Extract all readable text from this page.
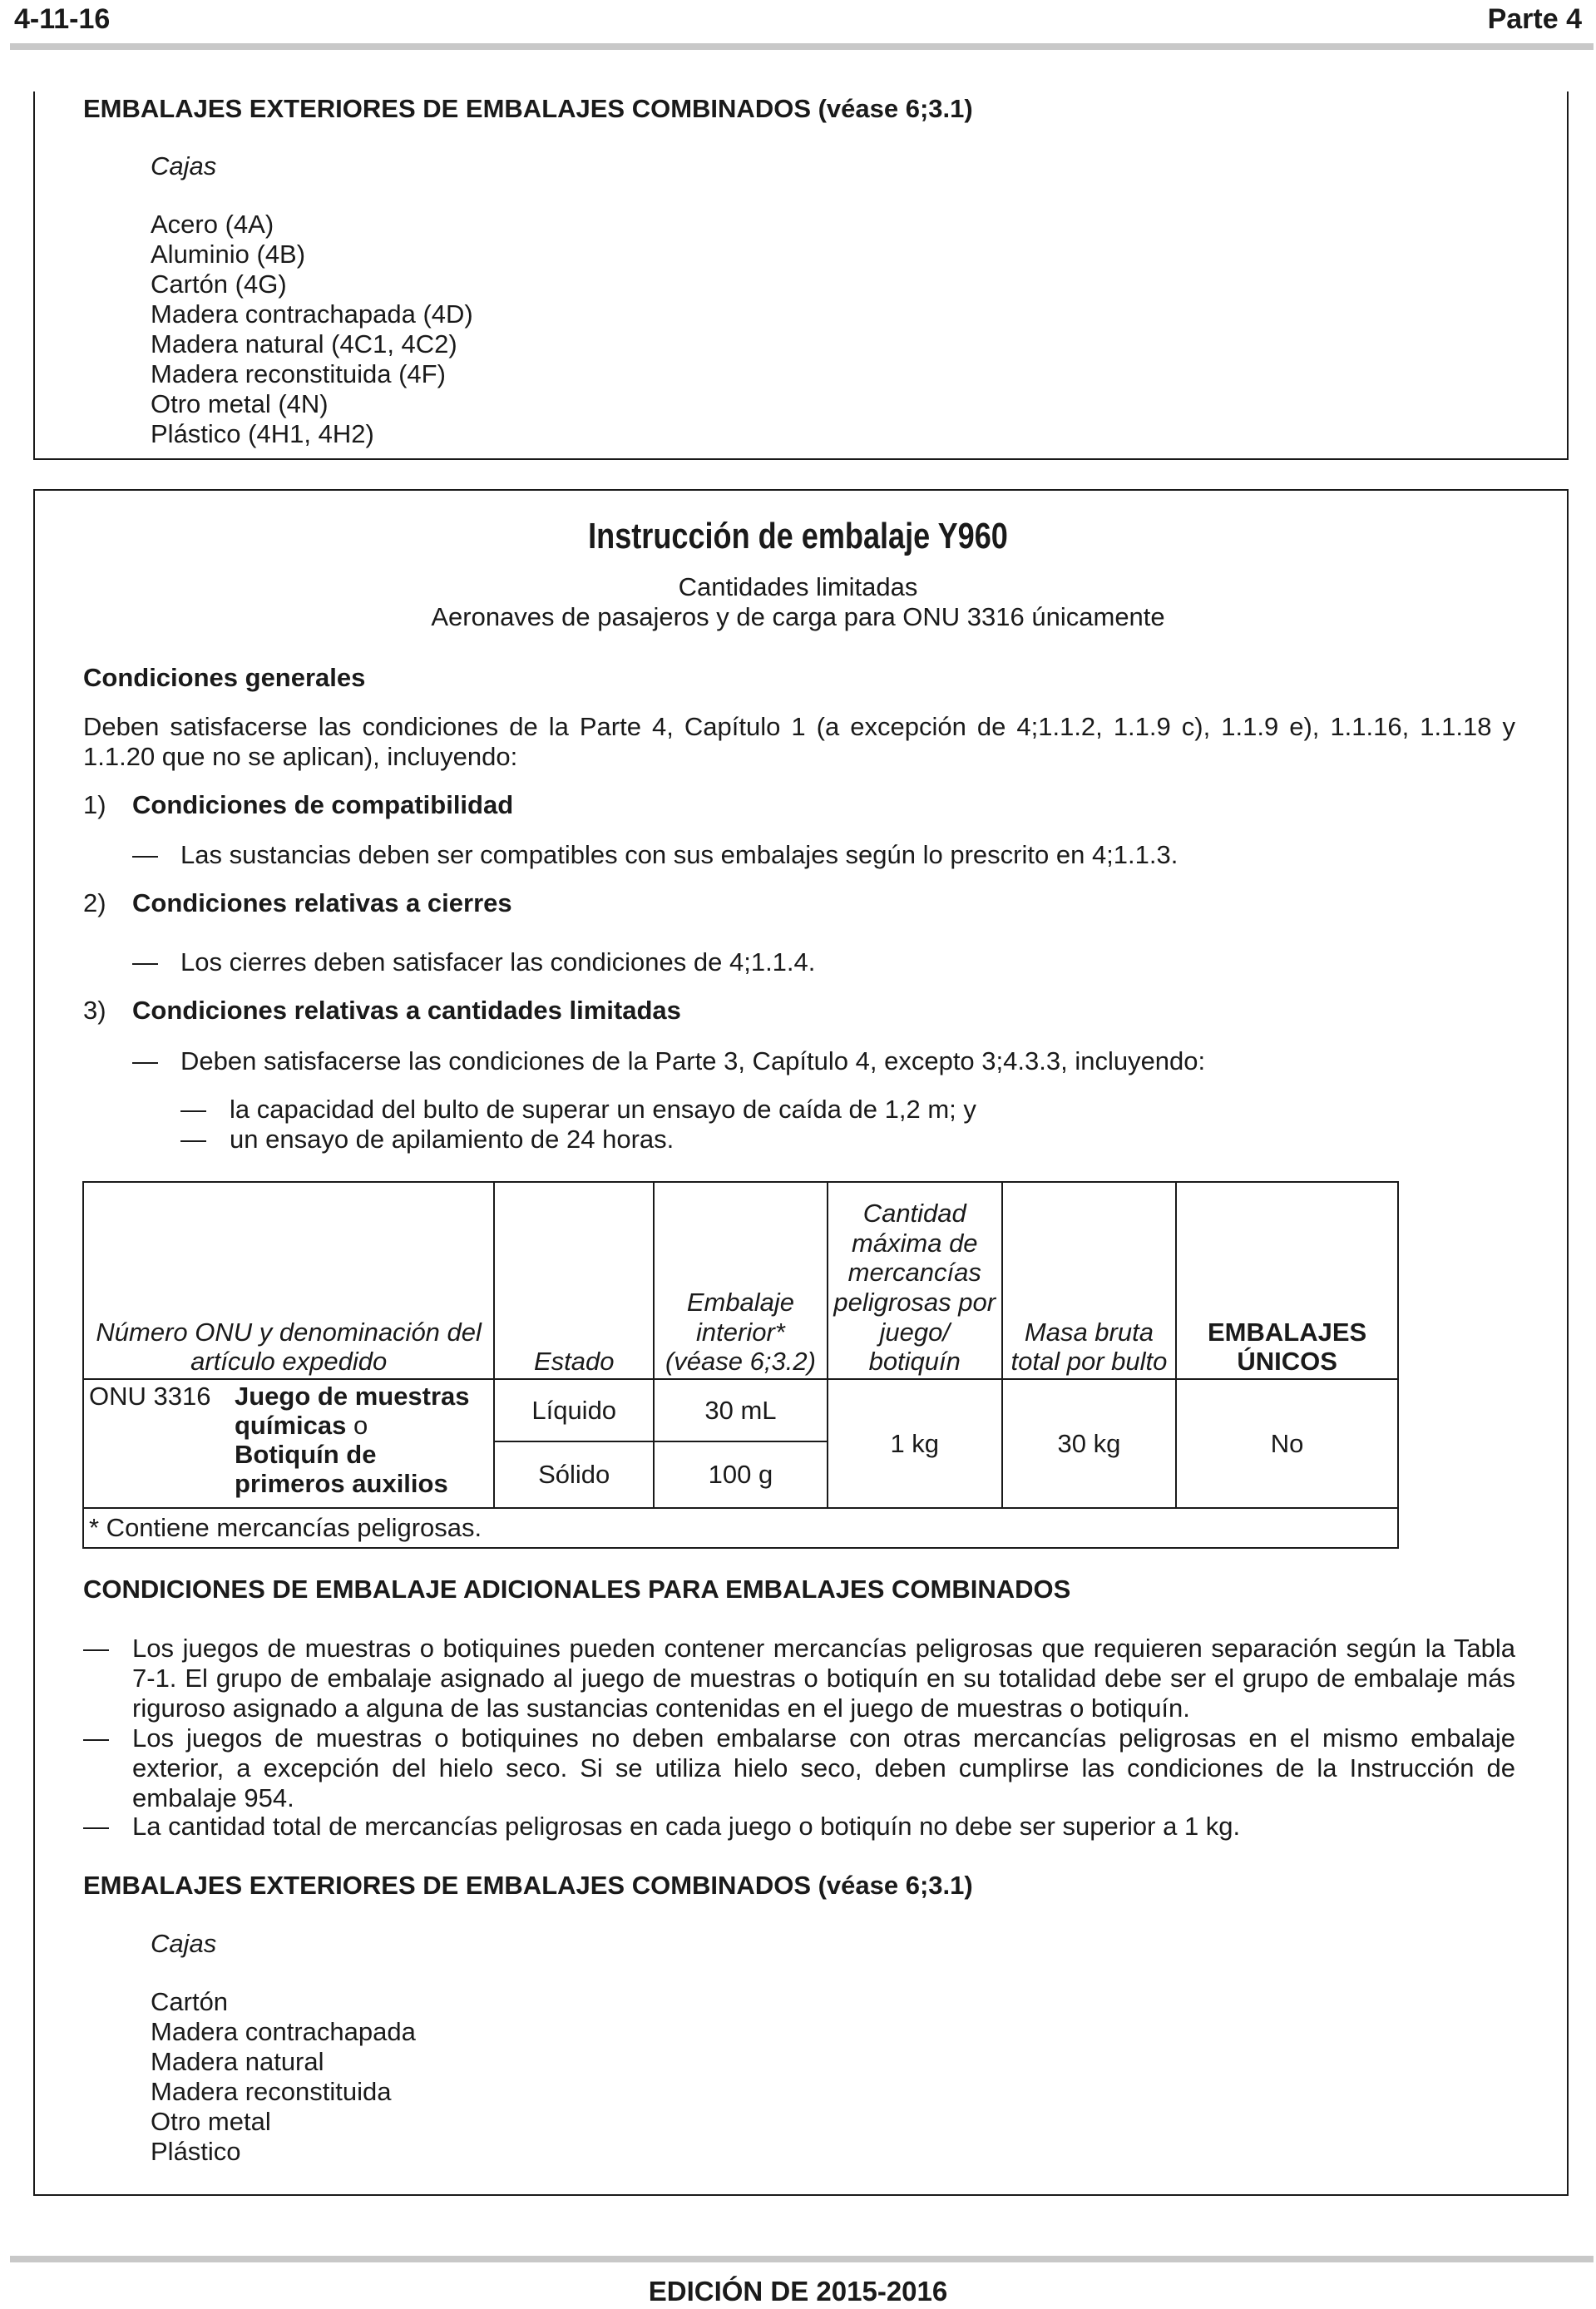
4-11-16	Parte 4
EMBALAJES EXTERIORES DE EMBALAJES COMBINADOS (véase 6;3.1)
Cajas
Acero (4A)
Aluminio (4B)
Cartón (4G)
Madera contrachapada (4D)
Madera natural (4C1, 4C2)
Madera reconstituida (4F)
Otro metal (4N)
Plástico (4H1, 4H2)
Instrucción de embalaje Y960
Cantidades limitadas
Aeronaves de pasajeros y de carga para ONU 3316 únicamente
Condiciones generales
Deben satisfacerse las condiciones de la Parte 4, Capítulo 1 (a excepción de 4;1.1.2, 1.1.9 c), 1.1.9 e), 1.1.16, 1.1.18 y 1.1.20 que no se aplican), incluyendo:
1) Condiciones de compatibilidad
— Las sustancias deben ser compatibles con sus embalajes según lo prescrito en 4;1.1.3.
2) Condiciones relativas a cierres
— Los cierres deben satisfacer las condiciones de 4;1.1.4.
3) Condiciones relativas a cantidades limitadas
— Deben satisfacerse las condiciones de la Parte 3, Capítulo 4, excepto 3;4.3.3, incluyendo:
— la capacidad del bulto de superar un ensayo de caída de 1,2 m; y
— un ensayo de apilamiento de 24 horas.
Número ONU y denominación del artículo expedido	Estado	Embalaje interior* (véase 6;3.2)	Cantidad máxima de mercancías peligrosas por juego/ botiquín	Masa bruta total por bulto	EMBALAJES ÚNICOS

ONU 3316 Juego de muestras químicas o
Botiquín de primeros auxilios	Líquido	30 mL	1 kg	30 kg	No
	Sólido	100 g			
* Contiene mercancías peligrosas.					
CONDICIONES DE EMBALAJE ADICIONALES PARA EMBALAJES COMBINADOS
— Los juegos de muestras o botiquines pueden contener mercancías peligrosas que requieren separación según la Tabla 7-1. El grupo de embalaje asignado al juego de muestras o botiquín en su totalidad debe ser el grupo de embalaje más riguroso asignado a alguna de las sustancias contenidas en el juego de muestras o botiquín.
— Los juegos de muestras o botiquines no deben embalarse con otras mercancías peligrosas en el mismo embalaje exterior, a excepción del hielo seco. Si se utiliza hielo seco, deben cumplirse las condiciones de la Instrucción de embalaje 954.
— La cantidad total de mercancías peligrosas en cada juego o botiquín no debe ser superior a 1 kg.
EMBALAJES EXTERIORES DE EMBALAJES COMBINADOS (véase 6;3.1)
Cajas
Cartón
Madera contrachapada
Madera natural
Madera reconstituida
Otro metal
Plástico
EDICIÓN DE 2015-2016
